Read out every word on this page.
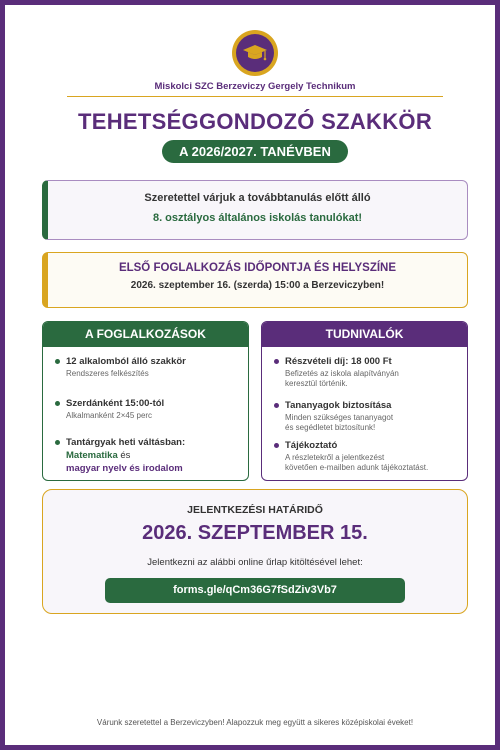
Miskolci SZC Berzeviczy Gergely Technikum
TEHETSÉGGONDOZÓ SZAKKÖR
A 2026/2027. TANÉVBEN
Szeretettel várjuk a továbbtanulás előtt álló
8. osztályos általános iskolás tanulókat!
ELSŐ FOGLALKOZÁS IDŐPONTJA ÉS HELYSZÍNE
2026. szeptember 16. (szerda) 15:00 a Berzeviczyben!
A FOGLALKOZÁSOK
12 alkalomból álló szakkör
Rendszeres felkészítés
Szerdánként 15:00-tól
Alkalmanként 2×45 perc
Tantárgyak heti váltásban:
Matematika és
magyar nyelv és irodalom
TUDNIVALÓK
Részvételi díj: 18 000 Ft
Befizetés az iskola alapítványán
keresztül történik.
Tananyagok biztosítása
Minden szükséges tananyagot
és segédletet biztosítunk!
Tájékoztató
A részletekről a jelentkezést
követően e-mailben adunk tájékoztatást.
JELENTKEZÉSI HATÁRIDŐ
2026. SZEPTEMBER 15.
Jelentkezni az alábbi online űrlap kitöltésével lehet:
forms.gle/qCm36G7fSdZiv3Vb7
Várunk szeretettel a Berzeviczyben! Alapozzuk meg együtt a sikeres középiskolai éveket!
